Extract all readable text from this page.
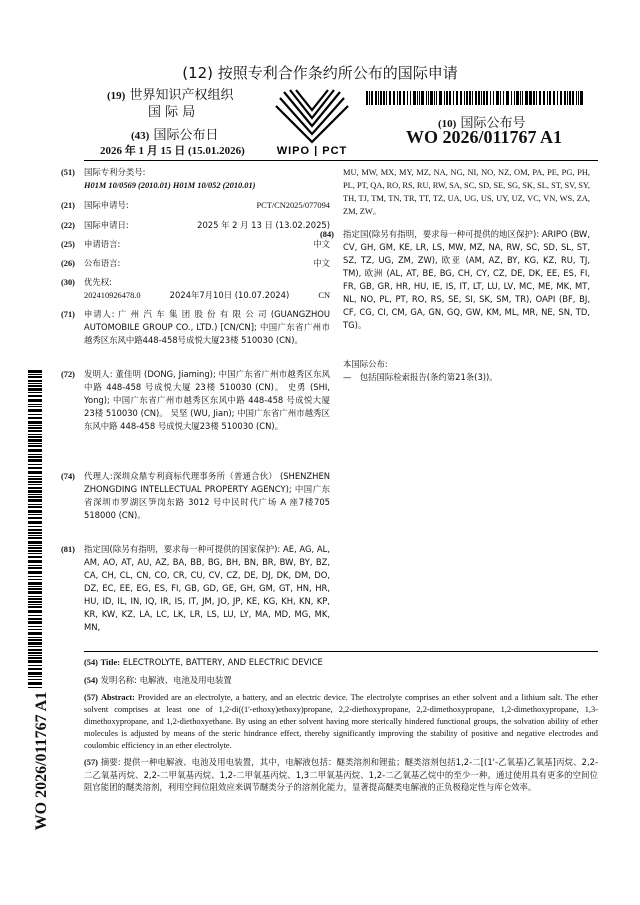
(12) 按照专利合作条约所公布的国际申请
(19) 世界知识产权组织
国 际 局
(43) 国际公布日
2026 年 1 月 15 日 (15.01.2026)	WIPO | PCT
(10) 国际公布号
WO 2026/011767 A1
WO 2026/011767 A1
(51) 国际专利分类号:
H01M 10/0569 (2010.01) H01M 10/052 (2010.01)
(21) 国际申请号:	PCT/CN2025/077094
(22) 国际申请日:	2025 年 2 月 13 日 (13.02.2025)
(25) 申请语言:	中文
(26) 公布语言:	中文
(30) 优先权:
202410926478.0	2024年7月10日 (10.07.2024)	CN
(71) 申请人: 广 州 汽 车 集 团 股 份 有 限 公 司 (GUANGZHOU AUTOMOBILE GROUP CO., LTD.) [CN/CN]; 中国广东省广州市越秀区东风中路448-458号成悦大厦23楼 510030 (CN)。
(72) 发明人: 董佳明 (DONG, Jiaming); 中国广东省广州市越秀区东风中路 448-458 号成悦大厦 23楼 510030 (CN)。 史勇 (SHI, Yong); 中国广东省广州市越秀区东风中路 448-458 号成悦大厦23楼 510030 (CN)。 吴坚 (WU, Jian); 中国广东省广州市越秀区东风中路 448-458 号成悦大厦23楼 510030 (CN)。
(74) 代理人:深圳众鼎专利商标代理事务所（普通合伙） (SHENZHEN ZHONGDING INTELLECTUAL PROPERTY AGENCY); 中国广东省深圳市罗湖区笋岗东路 3012 号中民时代广场 A 座7楼705 518000 (CN)。
(81) 指定国(除另有指明，要求每一种可提供的国家保护): AE, AG, AL, AM, AO, AT, AU, AZ, BA, BB, BG, BH, BN, BR, BW, BY, BZ, CA, CH, CL, CN, CO, CR, CU, CV, CZ, DE, DJ, DK, DM, DO, DZ, EC, EE, EG, ES, FI, GB, GD, GE, GH, GM, GT, HN, HR, HU, ID, IL, IN, IQ, IR, IS, IT, JM, JO, JP, KE, KG, KH, KN, KP, KR, KW, KZ, LA, LC, LK, LR, LS, LU, LY, MA, MD, MG, MK, MN,
MU, MW, MX, MY, MZ, NA, NG, NI, NO, NZ, OM, PA, PE, PG, PH, PL, PT, QA, RO, RS, RU, RW, SA, SC, SD, SE, SG, SK, SL, ST, SV, SY, TH, TJ, TM, TN, TR, TT, TZ, UA, UG, US, UY, UZ, VC, VN, WS, ZA, ZM, ZW。
(84) 指定国(除另有指明，要求每一种可提供的地区保护): ARIPO (BW, CV, GH, GM, KE, LR, LS, MW, MZ, NA, RW, SC, SD, SL, ST, SZ, TZ, UG, ZM, ZW), 欧亚 (AM, AZ, BY, KG, KZ, RU, TJ, TM), 欧洲 (AL, AT, BE, BG, CH, CY, CZ, DE, DK, EE, ES, FI, FR, GB, GR, HR, HU, IE, IS, IT, LT, LU, LV, MC, ME, MK, MT, NL, NO, PL, PT, RO, RS, SE, SI, SK, SM, TR), OAPI (BF, BJ, CF, CG, CI, CM, GA, GN, GQ, GW, KM, ML, MR, NE, SN, TD, TG)。
本国际公布:
—　包括国际检索报告(条约第21条(3))。
(54) Title: ELECTROLYTE, BATTERY, AND ELECTRIC DEVICE
(54) 发明名称: 电解液、电池及用电装置
(57) Abstract: Provided are an electrolyte, a battery, and an electric device. The electrolyte comprises an ether solvent and a lithium salt. The ether solvent comprises at least one of 1,2-di((1'-ethoxy)ethoxy)propane, 2,2-diethoxypropane, 2,2-dimethoxypropane, 1,2-dimethoxypropane, 1,3-dimethoxypropane, and 1,2-diethoxyethane. By using an ether solvent having more sterically hindered functional groups, the solvation ability of ether molecules is adjusted by means of the steric hindrance effect, thereby significantly improving the stability of positive and negative electrodes and coulombic efficiency in an ether electrolyte.
(57) 摘要: 提供一种电解液、电池及用电装置，其中，电解液包括：醚类溶剂和锂盐；醚类溶剂包括1,2-二[(1'-乙氧基)乙氧基]丙烷、2,2-二乙氧基丙烷、2,2-二甲氧基丙烷、1,2-二甲氧基丙烷、1,3二甲氧基丙烷、1,2-二乙氧基乙烷中的至少一种。通过使用具有更多的空间位阻官能团的醚类溶剂，利用空间位阻效应来调节醚类分子的溶剂化能力，显著提高醚类电解液的正负极稳定性与库仑效率。
